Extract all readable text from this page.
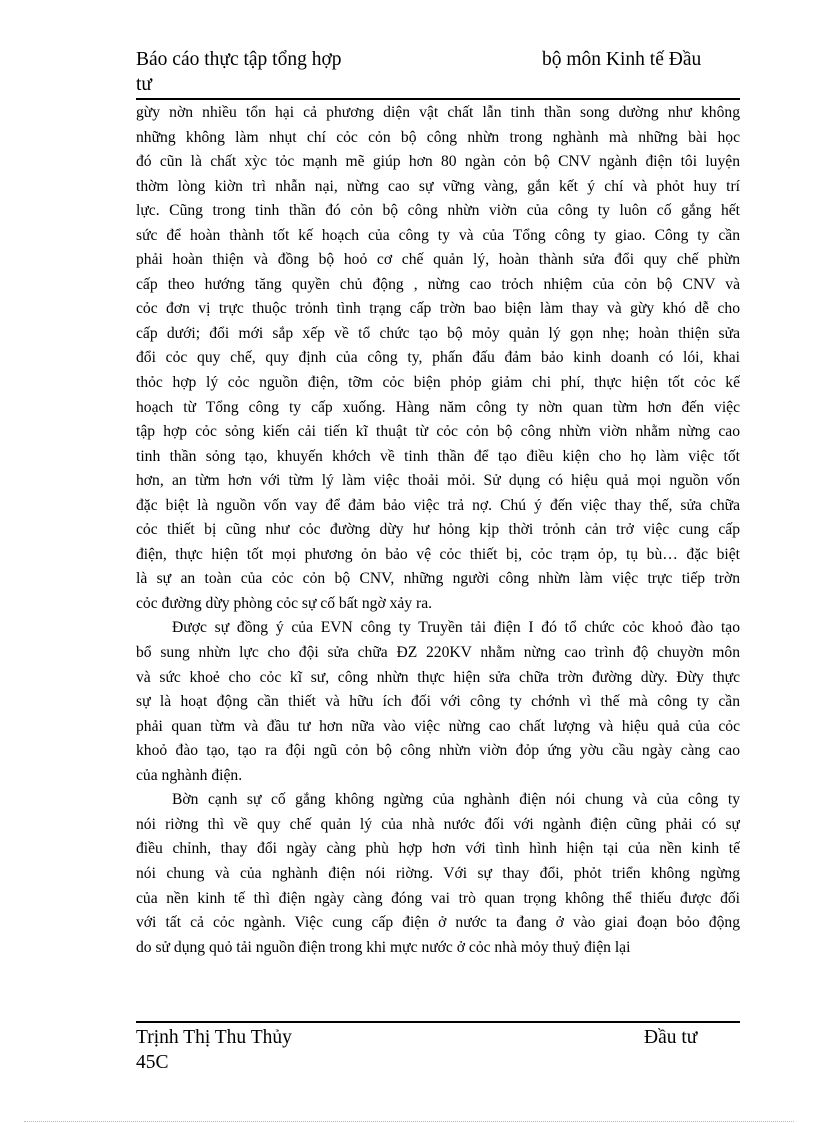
Báo cáo thực tập tổng hợp	bộ môn Kinh tế Đầu
tư
gừy nờn nhiều tổn hại cả phương diện vật chất lẫn tinh thần song dường như không
những không làm nhụt chí cỏc cỏn bộ công nhừn trong nghành mà những bài học
đó cũn là chất xỳc tỏc mạnh mẽ giúp hơn 80 ngàn cỏn bộ CNV ngành điện tôi luyện
thờm lòng kiờn trì nhẫn nại, nừng cao sự vững vàng, gắn kết ý chí và phỏt huy trí
lực. Cũng trong tinh thần đó cỏn bộ công nhừn viờn của công ty luôn cố gắng hết
sức để hoàn thành tốt kế hoạch của công ty và của Tổng công ty giao. Công ty cần
phải hoàn thiện và đồng bộ hoỏ cơ chế quản lý, hoàn thành sửa đổi quy chế phừn
cấp theo hướng tăng quyền chủ động , nừng cao trỏch nhiệm của cỏn bộ CNV và
cỏc đơn vị trực thuộc trỏnh tình trạng cấp trờn bao biện làm thay và gừy khó dễ cho
cấp dưới; đổi mới sắp xếp về tổ chức tạo bộ mỏy quản lý gọn nhẹ; hoàn thiện sửa
đổi cỏc quy chế, quy định của công ty, phấn đấu đảm bảo kinh doanh có lói, khai
thỏc hợp lý cỏc nguồn điện, tỡm cỏc biện phỏp giảm chi phí, thực hiện tốt cỏc kế
hoạch từ Tổng công ty cấp xuống. Hàng năm công ty nờn quan từm hơn đến việc
tập hợp cỏc sỏng kiến cải tiến kĩ thuật từ cỏc cỏn bộ công nhừn viờn nhằm nừng cao
tinh thần sỏng tạo, khuyến khớch về tinh thần để tạo điều kiện cho họ làm việc tốt
hơn, an từm hơn với từm lý làm việc thoải mỏi. Sử dụng có hiệu quả mọi nguồn vốn
đặc biệt là nguồn vốn vay để đảm bảo việc trả nợ. Chú ý đến việc thay thế, sửa chữa
cỏc thiết bị cũng như cỏc đường dừy hư hỏng kịp thời trỏnh cản trở việc cung cấp
điện, thực hiện tốt mọi phương ỏn bảo vệ cỏc thiết bị, cỏc trạm ỏp, tụ bù… đặc biệt
là sự an toàn của cỏc cỏn bộ CNV, những người công nhừn làm việc trực tiếp trờn
cỏc đường dừy phòng cỏc sự cố bất ngờ xảy ra.
Được sự đồng ý của EVN công ty Truyền tải điện I đó tổ chức cỏc khoỏ đào tạo
bổ sung nhừn lực cho đội sửa chữa ĐZ 220KV nhằm nừng cao trình độ chuyờn môn
và sức khoẻ cho cỏc kĩ sư, công nhừn thực hiện sửa chữa trờn đường dừy. Đừy thực
sự là hoạt động cần thiết và hữu ích đối với công ty chớnh vì thế mà công ty cần
phải quan từm và đầu tư hơn nữa vào việc nừng cao chất lượng và hiệu quả của cỏc
khoỏ đào tạo, tạo ra đội ngũ cỏn bộ công nhừn viờn đỏp ứng yờu cầu ngày càng cao
của nghành điện.
Bờn cạnh sự cố gắng không ngừng của nghành điện nói chung và của công ty
nói riờng thì về quy chế quản lý của nhà nước đối với ngành điện cũng phải có sự
điều chỉnh, thay đổi ngày càng phù hợp hơn với tình hình hiện tại của nền kinh tế
nói chung và của nghành điện nói riờng. Với sự thay đổi, phỏt triển không ngừng
của nền kinh tế thì điện ngày càng đóng vai trò quan trọng không thể thiếu được đối
với tất cả cỏc ngành. Việc cung cấp điện ở nước ta đang ở vào giai đoạn bỏo động
do sử dụng quỏ tải nguồn điện trong khi mực nước ở cỏc nhà mỏy thuỷ điện lại
Trịnh Thị Thu Thủy	Đầu tư
45C
